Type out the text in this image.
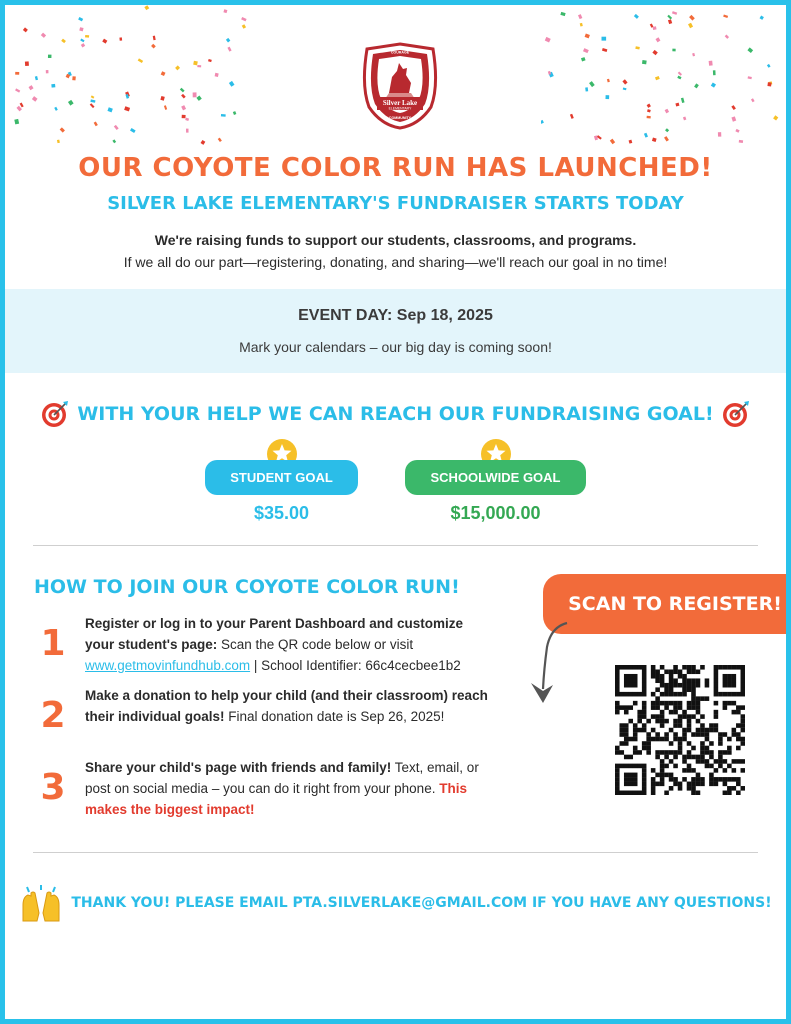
Silver Lake
ELEMENTARY
COURAGE
COMMUNITY
OUR COYOTE COLOR RUN HAS LAUNCHED!
SILVER LAKE ELEMENTARY'S FUNDRAISER STARTS TODAY
We're raising funds to support our students, classrooms, and programs.
If we all do our part—registering, donating, and sharing—we'll reach our goal in no time!
EVENT DAY: Sep 18, 2025
Mark your calendars – our big day is coming soon!
WITH YOUR HELP WE CAN REACH OUR FUNDRAISING GOAL!
STUDENT GOAL	SCHOOLWIDE GOAL
$35.00	$15,000.00
HOW TO JOIN OUR COYOTE COLOR RUN!
1 Register or log in to your Parent Dashboard and customize your student's page: Scan the QR code below or visit www.getmovinfundhub.com | School Identifier: 66c4cecbee1b2
2 Make a donation to help your child (and their classroom) reach their individual goals! Final donation date is Sep 26, 2025!
3 Share your child's page with friends and family! Text, email, or post on social media – you can do it right from your phone. This makes the biggest impact!
SCAN TO REGISTER!
THANK YOU! PLEASE EMAIL PTA.SILVERLAKE@GMAIL.COM IF YOU HAVE ANY QUESTIONS!
